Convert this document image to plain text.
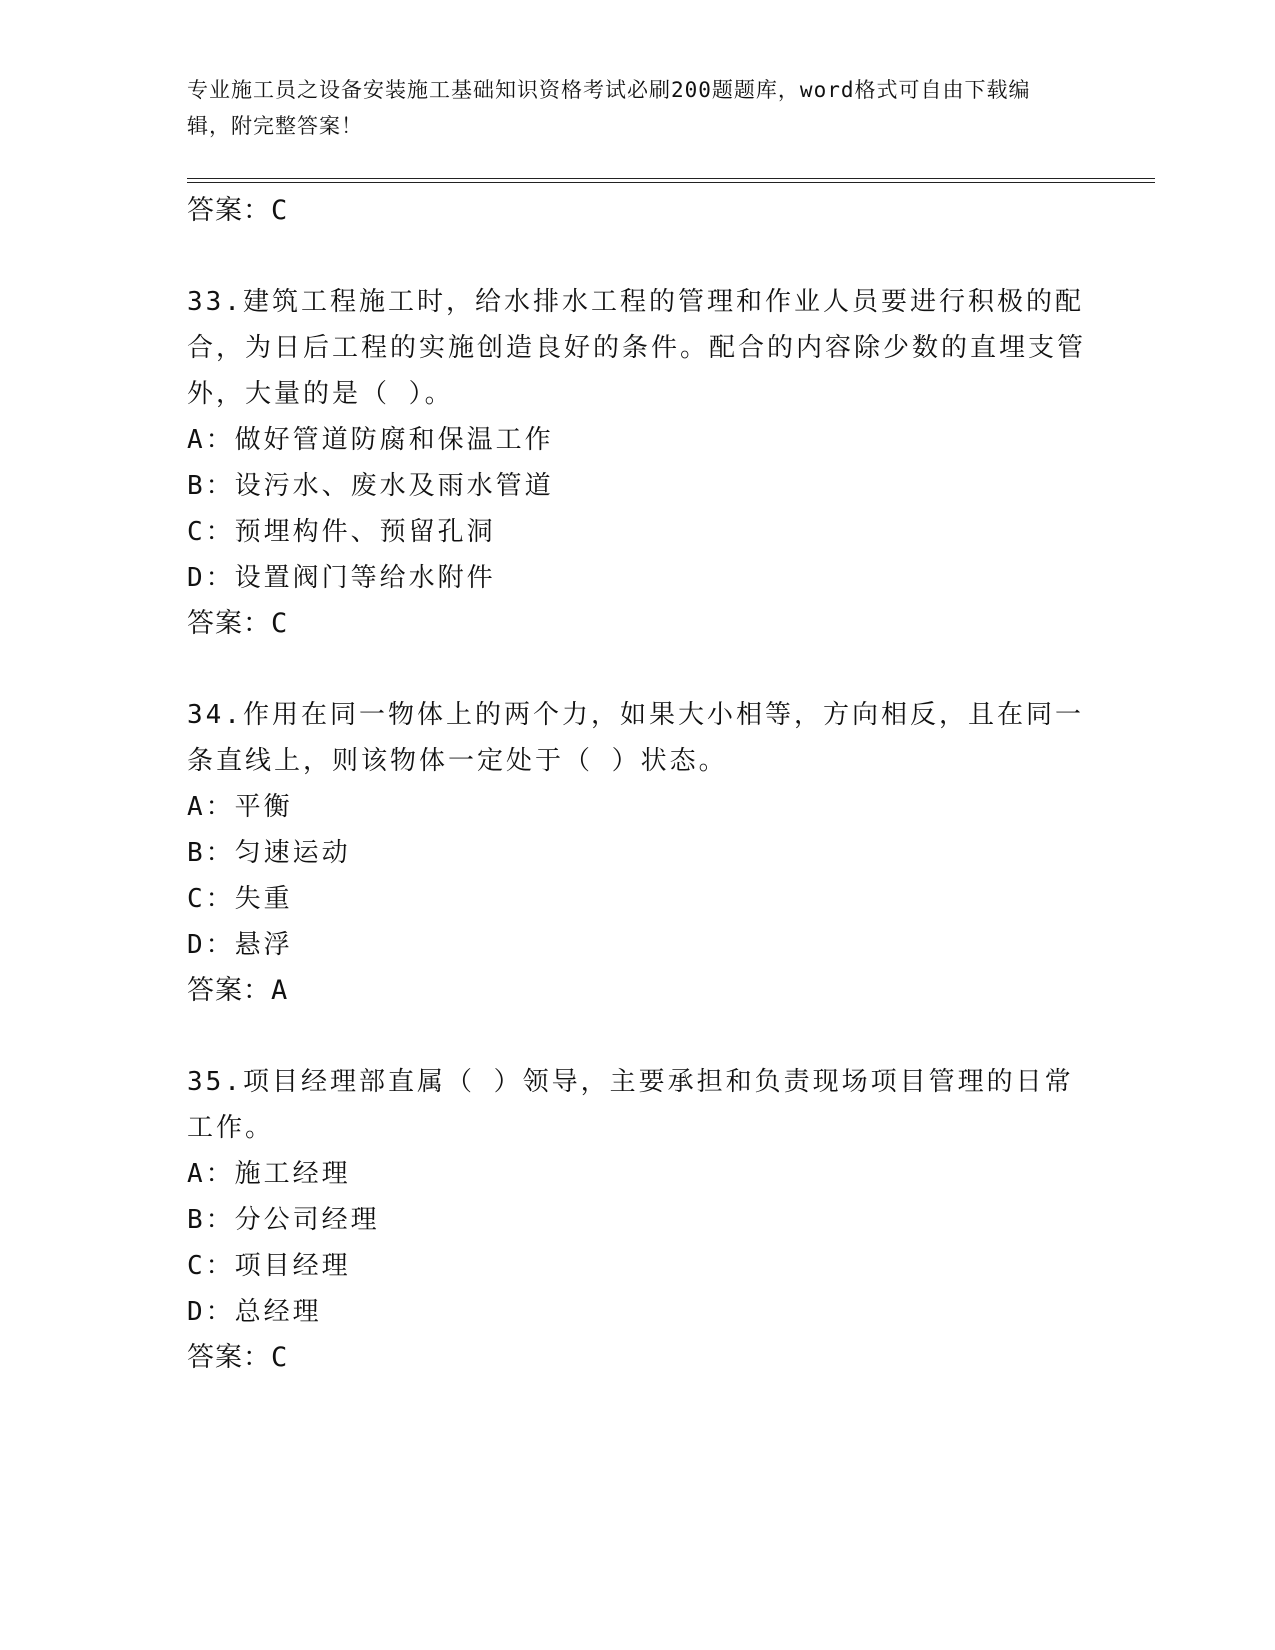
专业施工员之设备安装施工基础知识资格考试必刷200题题库，word格式可自由下载编辑，附完整答案！
答案：C
33.建筑工程施工时，给水排水工程的管理和作业人员要进行积极的配合，为日后工程的实施创造良好的条件。配合的内容除少数的直埋支管外，大量的是（ ）。
A：做好管道防腐和保温工作
B：设污水、废水及雨水管道
C：预埋构件、预留孔洞
D：设置阀门等给水附件
答案：C
34.作用在同一物体上的两个力，如果大小相等，方向相反，且在同一条直线上，则该物体一定处于（ ）状态。
A：平衡
B：匀速运动
C：失重
D：悬浮
答案：A
35.项目经理部直属（ ）领导，主要承担和负责现场项目管理的日常工作。
A：施工经理
B：分公司经理
C：项目经理
D：总经理
答案：C
